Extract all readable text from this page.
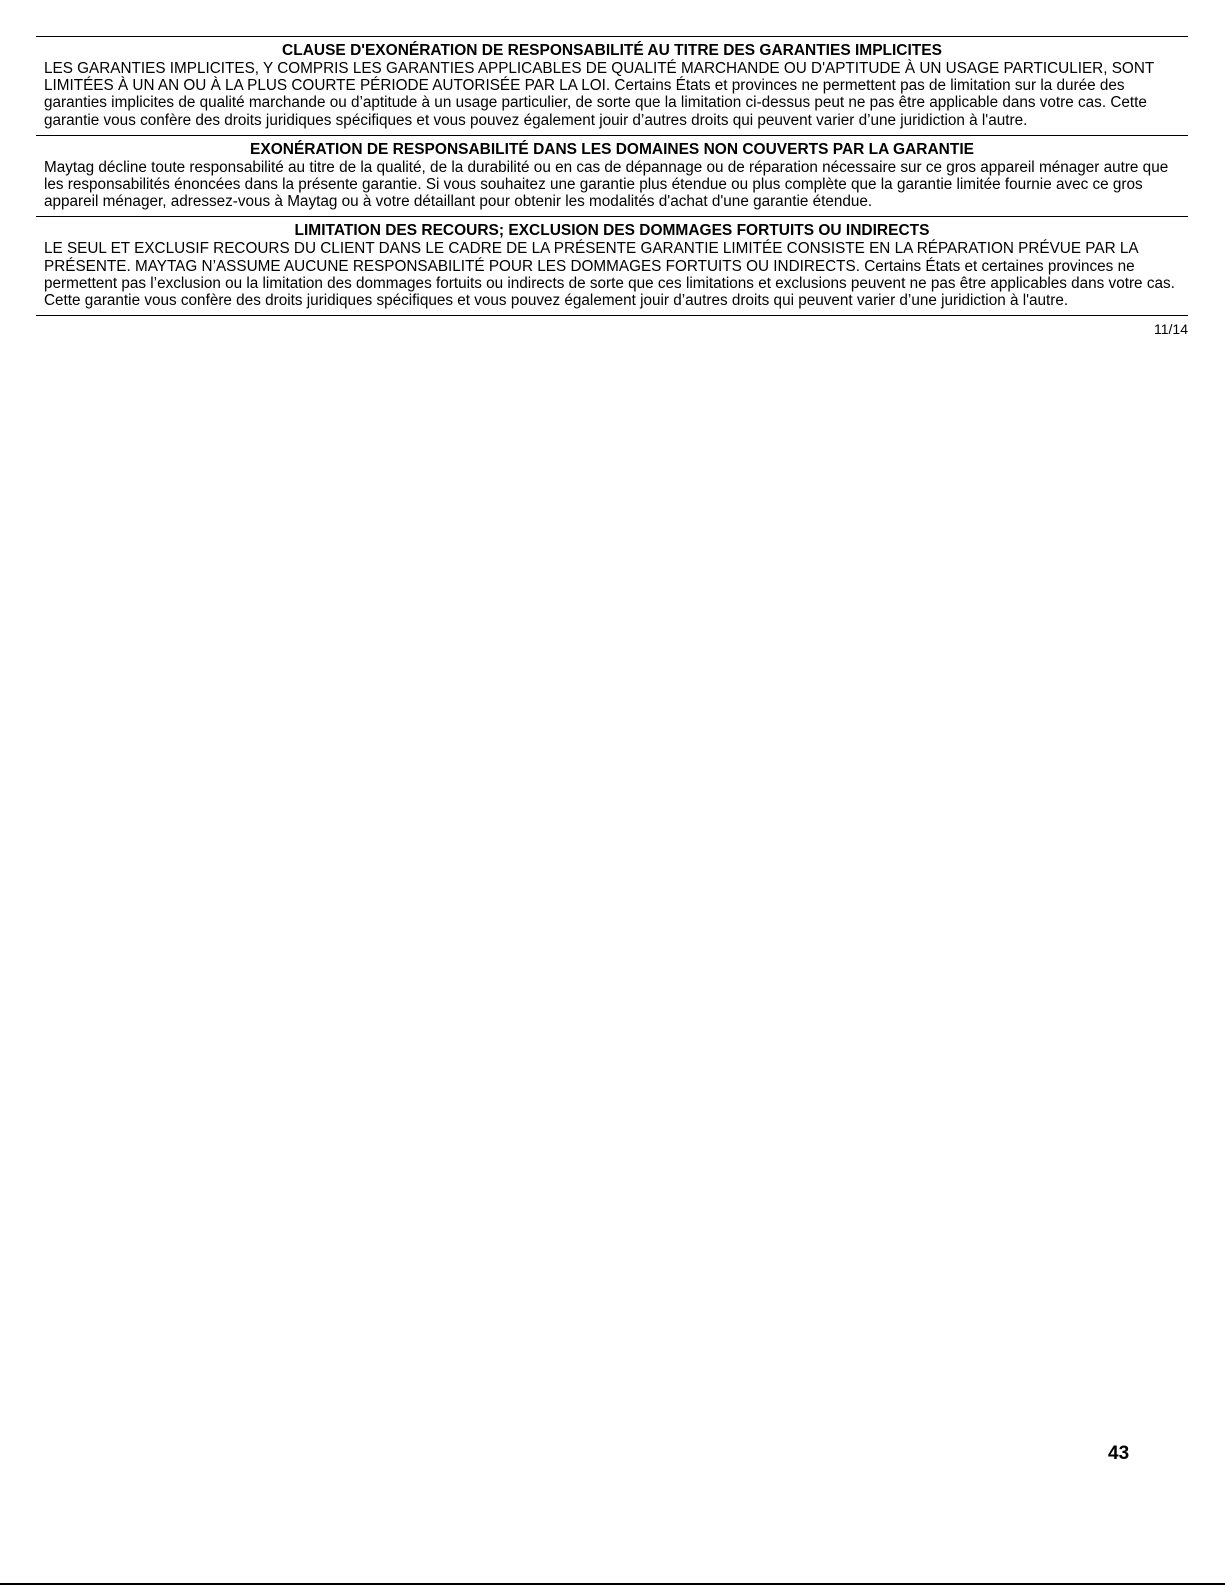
CLAUSE D'EXONÉRATION DE RESPONSABILITÉ AU TITRE DES GARANTIES IMPLICITES

LES GARANTIES IMPLICITES, Y COMPRIS LES GARANTIES APPLICABLES DE QUALITÉ MARCHANDE OU D'APTITUDE À UN USAGE PARTICULIER, SONT LIMITÉES À UN AN OU À LA PLUS COURTE PÉRIODE AUTORISÉE PAR LA LOI. Certains États et provinces ne permettent pas de limitation sur la durée des garanties implicites de qualité marchande ou d’aptitude à un usage particulier, de sorte que la limitation ci-dessus peut ne pas être applicable dans votre cas. Cette garantie vous confère des droits juridiques spécifiques et vous pouvez également jouir d’autres droits qui peuvent varier d’une juridiction à l'autre.

EXONÉRATION DE RESPONSABILITÉ DANS LES DOMAINES NON COUVERTS PAR LA GARANTIE

Maytag décline toute responsabilité au titre de la qualité, de la durabilité ou en cas de dépannage ou de réparation nécessaire sur ce gros appareil ménager autre que les responsabilités énoncées dans la présente garantie. Si vous souhaitez une garantie plus étendue ou plus complète que la garantie limitée fournie avec ce gros appareil ménager, adressez-vous à Maytag ou à votre détaillant pour obtenir les modalités d'achat d'une garantie étendue.

LIMITATION DES RECOURS; EXCLUSION DES DOMMAGES FORTUITS OU INDIRECTS

LE SEUL ET EXCLUSIF RECOURS DU CLIENT DANS LE CADRE DE LA PRÉSENTE GARANTIE LIMITÉE CONSISTE EN LA RÉPARATION PRÉVUE PAR LA PRÉSENTE. MAYTAG N’ASSUME AUCUNE RESPONSABILITÉ POUR LES DOMMAGES FORTUITS OU INDIRECTS. Certains États et certaines provinces ne permettent pas l’exclusion ou la limitation des dommages fortuits ou indirects de sorte que ces limitations et exclusions peuvent ne pas être applicables dans votre cas. Cette garantie vous confère des droits juridiques spécifiques et vous pouvez également jouir d’autres droits qui peuvent varier d’une juridiction à l'autre.

11/14
43
